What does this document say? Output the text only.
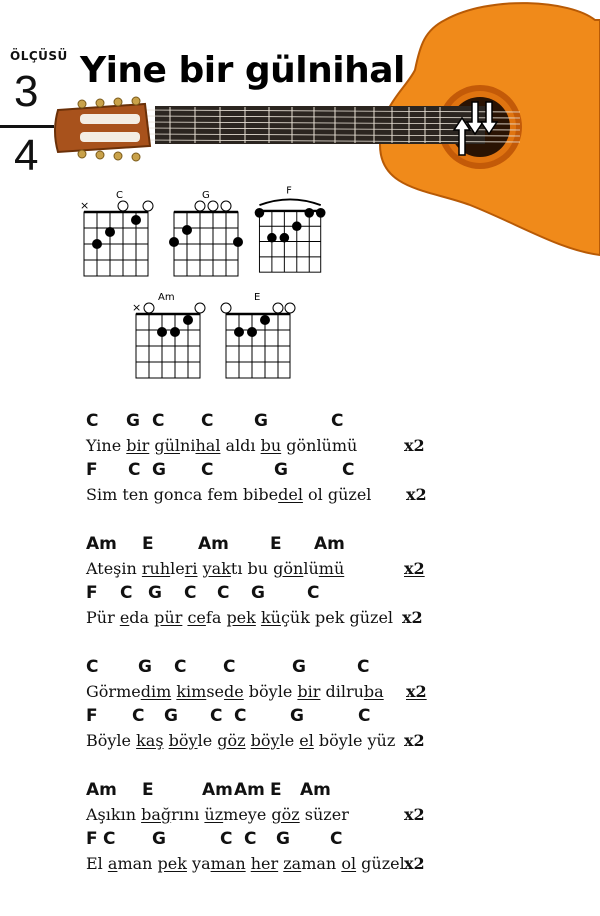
ÖLÇÜSÜ
3
4
Yine bir gülnihal
C
×
G	F
Am
×
E
C G C C G	C
Yine bir gülnihal aldı bu gönlümü	x2
F C G C	G	C
Sim ten gonca fem bibedel ol güzel x2
Am E	Am E Am
Ateşin ruhleri yaktı bu gönlümü	x2
F C G C C G C
Pür eda pür cefa pek küçük pek güzel x2
C G C C	G	C
Görmedim kimsede böyle bir dilruba x2
F C G C C	G	C
Böyle kaş böyle göz böyle el böyle yüz x2
Am E	Am Am E Am
Aşıkın bağrını üzmeye göz süzer	x2
F C G	C C G C
El aman pek yaman her zaman ol güzel x2
